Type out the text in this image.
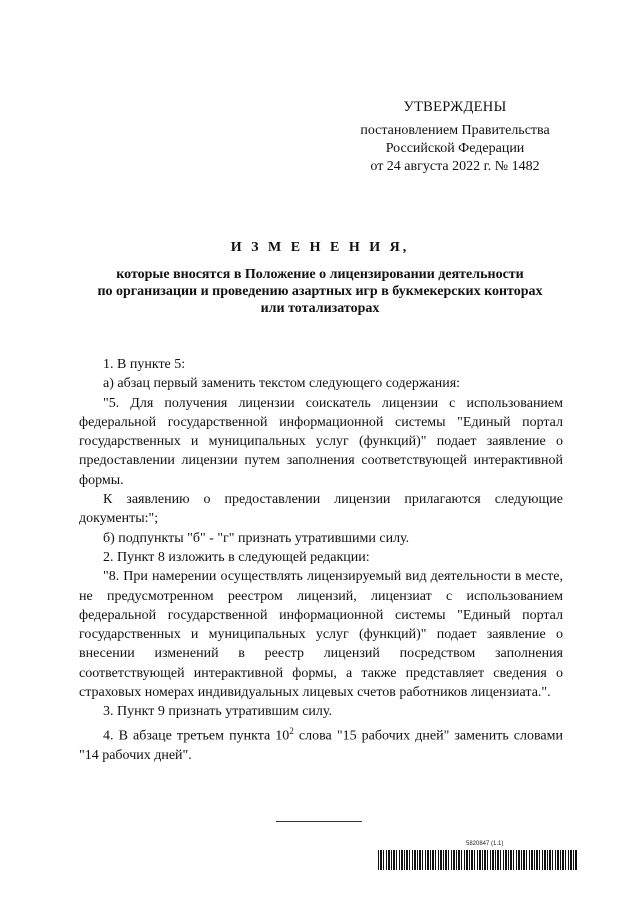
УТВЕРЖДЕНЫ
постановлением Правительства
Российской Федерации
от 24 августа 2022 г. № 1482
И З М Е Н Е Н И Я,
которые вносятся в Положение о лицензировании деятельности
по организации и проведению азартных игр в букмекерских конторах
или тотализаторах

1. В пункте 5:

а) абзац первый заменить текстом следующего содержания:

"5. Для получения лицензии соискатель лицензии с использованием федеральной государственной информационной системы "Единый портал государственных и муниципальных услуг (функций)" подает заявление о предоставлении лицензии путем заполнения соответствующей интерактивной формы.

К заявлению о предоставлении лицензии прилагаются следующие документы:";

б) подпункты "б" - "г" признать утратившими силу.

2. Пункт 8 изложить в следующей редакции:

"8. При намерении осуществлять лицензируемый вид деятельности в месте, не предусмотренном реестром лицензий, лицензиат с использованием федеральной государственной информационной системы "Единый портал государственных и муниципальных услуг (функций)" подает заявление о внесении изменений в реестр лицензий посредством заполнения соответствующей интерактивной формы, а также представляет сведения о страховых номерах индивидуальных лицевых счетов работников лицензиата.".

3. Пункт 9 признать утратившим силу.

4. В абзаце третьем пункта $10^2$ слова "15 рабочих дней" заменить словами "14 рабочих дней".

5820847 (1.1)
